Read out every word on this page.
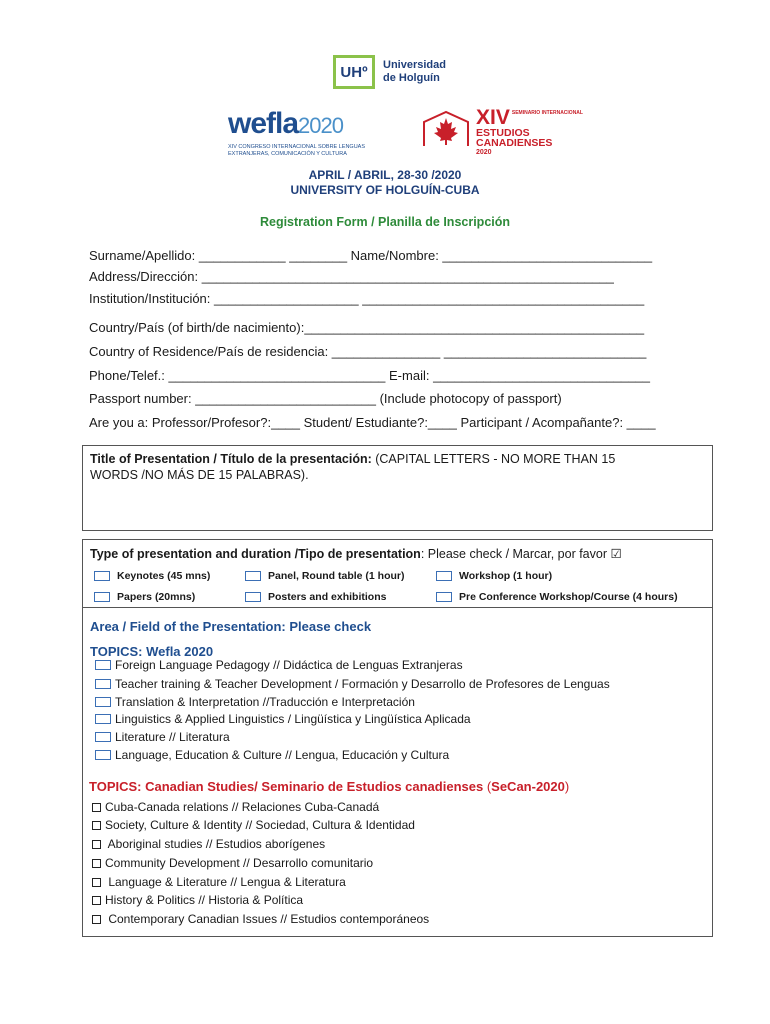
UHº	Universidad
de Holguín
wefla2020
XIV CONGRESO INTERNACIONAL SOBRE LENGUAS EXTRANJERAS, COMUNICACIÓN Y CULTURA
XIV SEMINARIO INTERNACIONAL
ESTUDIOS
CANADIENSES
2020
APRIL / ABRIL, 28-30 /2020
UNIVERSITY OF HOLGUÍN-CUBA
Registration Form / Planilla de Inscripción
Surname/Apellido: ____________ ________ Name/Nombre: _____________________________
Address/Dirección: _________________________________________________________
Institution/Institución: ____________________ _______________________________________
Country/País (of birth/de nacimiento):_______________________________________________
Country of Residence/País de residencia: _______________ ____________________________
Phone/Telef.: ______________________________ E-mail: ______________________________
Passport number: _________________________ (Include photocopy of passport)
Are you a: Professor/Profesor?:____ Student/ Estudiante?:____ Participant / Acompañante?: ____
Title of Presentation / Título de la presentación: (CAPITAL LETTERS - NO MORE THAN 15
WORDS /NO MÁS DE 15 PALABRAS).
Type of presentation and duration /Tipo de presentation: Please check / Marcar, por favor ☑
Keynotes (45 mns)	Panel, Round table (1 hour)	Workshop (1 hour)
Papers (20mns)	Posters and exhibitions	Pre Conference Workshop/Course (4 hours)
Area / Field of the Presentation: Please check
TOPICS: Wefla 2020
Foreign Language Pedagogy // Didáctica de Lenguas Extranjeras
Teacher training & Teacher Development / Formación y Desarrollo de Profesores de Lenguas
Translation & Interpretation //Traducción e Interpretación
Linguistics & Applied Linguistics / Lingüística y Lingüística Aplicada
Literature // Literatura
Language, Education & Culture // Lengua, Educación y Cultura
TOPICS: Canadian Studies/ Seminario de Estudios canadienses (SeCan-2020)
Cuba-Canada relations // Relaciones Cuba-Canadá
Society, Culture & Identity // Sociedad, Cultura & Identidad
Aboriginal studies // Estudios aborígenes
Community Development // Desarrollo comunitario
Language & Literature // Lengua & Literatura
History & Politics // Historia & Política
Contemporary Canadian Issues // Estudios contemporáneos
